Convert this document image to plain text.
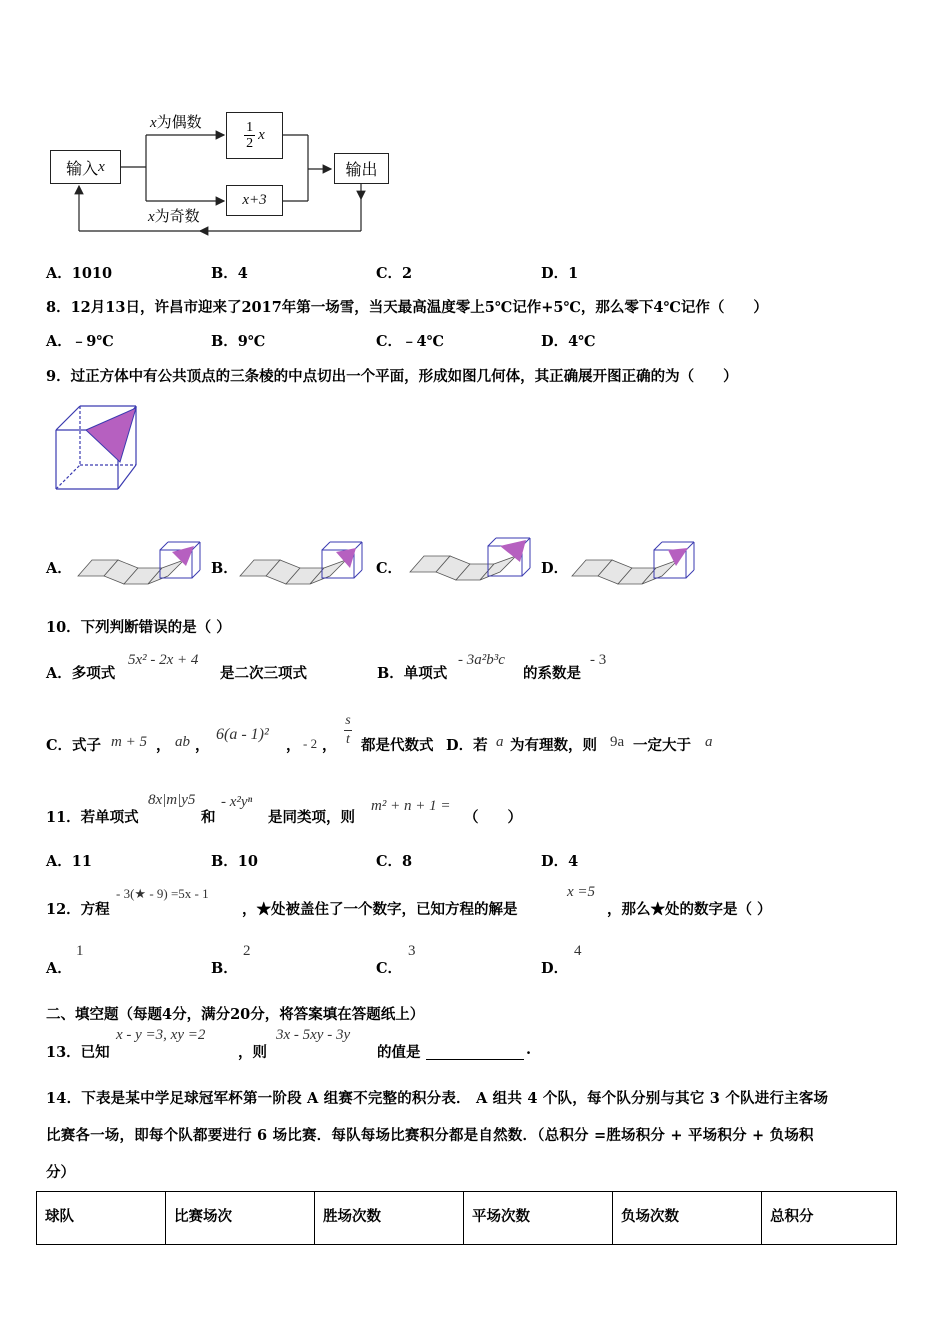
输入 x
$\frac{1}{2}$ x
x+3
输出
x为偶数
x为奇数
A．1010	B．4	C．2	D．1
8．12月13日，许昌市迎来了2017年第一场雪，当天最高温度零上5℃记作+5℃，那么零下4℃记作（　　）
A．﹣9℃	B．9℃	C．﹣4℃	D．4℃
9．过正方体中有公共顶点的三条棱的中点切出一个平面，形成如图几何体，其正确展开图正确的为（　　）
A．	B．	C．	D．
10．下列判断错误的是（ ）
A．多项式
5x² - 2x + 4
是二次三项式	B．单项式
- 3a²b³c
的系数是
- 3
C．式子 m + 5 ， ab ，
6(a - 1)²
， - 2 ， $\frac{s}{t}$ 都是代数式 D．若 a 为有理数，则 9a 一定大于 a
11．若单项式
8x|m|y5
和
- x²yⁿ
是同类项，则
m² + n + 1 =
（　　）
A．11	B．10	C．8	D．4
12．方程
- 3(★ - 9) =5x - 1
，★处被盖住了一个数字，已知方程的解是
x =5
，那么★处的数字是（ ）
A．
1
B．
2
C．
3
D．
4
二、填空题（每题4分，满分20分，将答案填在答题纸上）
13．已知
x - y =3, xy =2
，则
3x - 5xy - 3y
的值是	.
14．下表是某中学足球冠军杯第一阶段 A 组赛不完整的积分表． A 组共 4 个队，每个队分别与其它 3 个队进行主客场
比赛各一场，即每个队都要进行 6 场比赛．每队每场比赛积分都是自然数．（总积分 =胜场积分 + 平场积分 + 负场积
分）
球队	比赛场次	胜场次数	平场次数	负场次数	总积分
